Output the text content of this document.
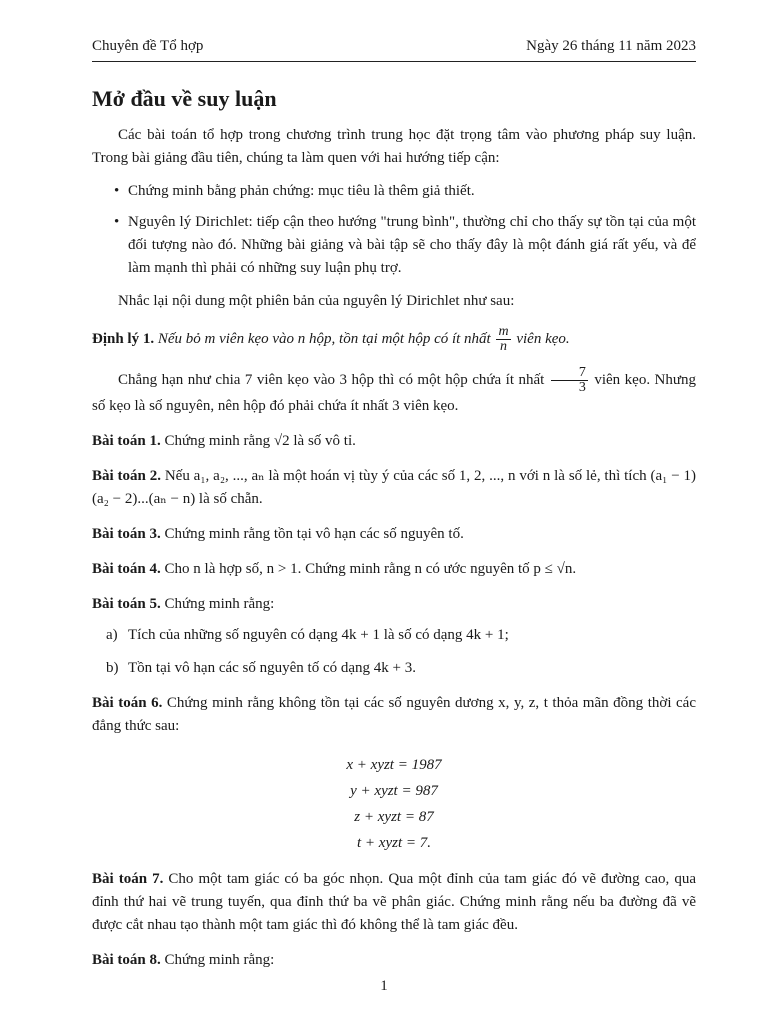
Chuyên đề Tổ hợp	Ngày 26 tháng 11 năm 2023
Mở đầu về suy luận

Các bài toán tổ hợp trong chương trình trung học đặt trọng tâm vào phương pháp suy luận. Trong bài giảng đầu tiên, chúng ta làm quen với hai hướng tiếp cận:

• Chứng minh bằng phản chứng: mục tiêu là thêm giả thiết.
• Nguyên lý Dirichlet: tiếp cận theo hướng "trung bình", thường chỉ cho thấy sự tồn tại của một đối tượng nào đó. Những bài giảng và bài tập sẽ cho thấy đây là một đánh giá rất yếu, và để làm mạnh thì phải có những suy luận phụ trợ.

Nhắc lại nội dung một phiên bản của nguyên lý Dirichlet như sau:

Định lý 1. Nếu bỏ m viên kẹo vào n hộp, tồn tại một hộp có ít nhất $\frac{m}{n}$ viên kẹo.

Chẳng hạn như chia 7 viên kẹo vào 3 hộp thì có một hộp chứa ít nhất $\frac{7}{3}$ viên kẹo. Nhưng số kẹo là số nguyên, nên hộp đó phải chứa ít nhất 3 viên kẹo.

Bài toán 1. Chứng minh rằng √2 là số vô tỉ.

Bài toán 2. Nếu a₁, a₂, ..., aₙ là một hoán vị tùy ý của các số 1, 2, ..., n với n là số lẻ, thì tích (a₁ − 1)(a₂ − 2)...(aₙ − n) là số chẵn.

Bài toán 3. Chứng minh rằng tồn tại vô hạn các số nguyên tố.

Bài toán 4. Cho n là hợp số, n > 1. Chứng minh rằng n có ước nguyên tố p ≤ √n.

Bài toán 5. Chứng minh rằng:

a) Tích của những số nguyên có dạng 4k + 1 là số có dạng 4k + 1;
b) Tồn tại vô hạn các số nguyên tố có dạng 4k + 3.

Bài toán 6. Chứng minh rằng không tồn tại các số nguyên dương x, y, z, t thỏa mãn đồng thời các đẳng thức sau:

x + xyzt = 1987
y + xyzt = 987
z + xyzt = 87
t + xyzt = 7.

Bài toán 7. Cho một tam giác có ba góc nhọn. Qua một đỉnh của tam giác đó vẽ đường cao, qua đỉnh thứ hai vẽ trung tuyến, qua đỉnh thứ ba vẽ phân giác. Chứng minh rằng nếu ba đường đã vẽ được cắt nhau tạo thành một tam giác thì đó không thể là tam giác đều.

Bài toán 8. Chứng minh rằng:

1
